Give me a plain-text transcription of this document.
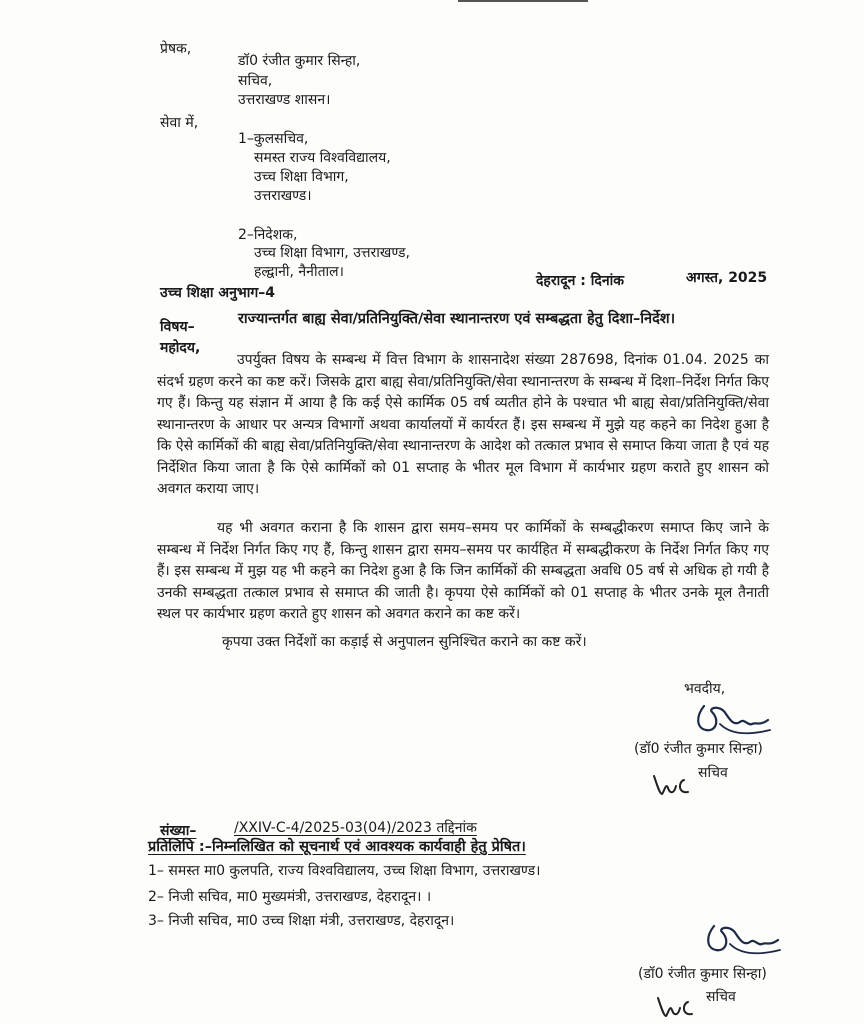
प्रेषक,
डॉ0 रंजीत कुमार सिन्हा,
सचिव,
उत्तराखण्ड शासन।
सेवा में,
1–कुलसचिव,
समस्त राज्य विश्वविद्यालय,
उच्च शिक्षा विभाग,
उत्तराखण्ड।
2–निदेशक,
उच्च शिक्षा विभाग, उत्तराखण्ड,
हल्द्वानी, नैनीताल।
देहरादून : दिनांक	अगस्त, 2025
उच्च शिक्षा अनुभाग–4
विषय–	राज्यान्तर्गत बाह्य सेवा/प्रतिनियुक्ति/सेवा स्थानान्तरण एवं सम्बद्धता हेतु दिशा–निर्देश।
महोदय,
उपर्युक्त विषय के सम्बन्ध में वित्त विभाग के शासनादेश संख्या 287698, दिनांक 01.04. 2025 का संदर्भ ग्रहण करने का कष्ट करें। जिसके द्वारा बाह्य सेवा/प्रतिनियुक्ति/सेवा स्थानान्तरण के सम्बन्ध में दिशा–निर्देश निर्गत किए गए हैं। किन्तु यह संज्ञान में आया है कि कई ऐसे कार्मिक 05 वर्ष व्यतीत होने के पश्चात भी बाह्य सेवा/प्रतिनियुक्ति/सेवा स्थानान्तरण के आधार पर अन्यत्र विभागों अथवा कार्यालयों में कार्यरत हैं। इस सम्बन्ध में मुझे यह कहने का निदेश हुआ है कि ऐसे कार्मिकों की बाह्य सेवा/प्रतिनियुक्ति/सेवा स्थानान्तरण के आदेश को तत्काल प्रभाव से समाप्त किया जाता है एवं यह निर्देशित किया जाता है कि ऐसे कार्मिकों को 01 सप्ताह के भीतर मूल विभाग में कार्यभार ग्रहण कराते हुए शासन को अवगत कराया जाए।
यह भी अवगत कराना है कि शासन द्वारा समय–समय पर कार्मिकों के सम्बद्धीकरण समाप्त किए जाने के सम्बन्ध में निर्देश निर्गत किए गए हैं, किन्तु शासन द्वारा समय–समय पर कार्यहित में सम्बद्धीकरण के निर्देश निर्गत किए गए हैं। इस सम्बन्ध में मुझ यह भी कहने का निदेश हुआ है कि जिन कार्मिकों की सम्बद्धता अवधि 05 वर्ष से अधिक हो गयी है उनकी सम्बद्धता तत्काल प्रभाव से समाप्त की जाती है। कृपया ऐसे कार्मिकों को 01 सप्ताह के भीतर उनके मूल तैनाती स्थल पर कार्यभार ग्रहण कराते हुए शासन को अवगत कराने का कष्ट करें।
कृपया उक्त निर्देशों का कड़ाई से अनुपालन सुनिश्चित कराने का कष्ट करें।
भवदीय,
(डॉ0 रंजीत कुमार सिन्हा)
सचिव
संख्या–	/XXIV-C-4/2025-03(04)/2023 तद्दिनांक
प्रतिलिपि :–निम्नलिखित को सूचनार्थ एवं आवश्यक कार्यवाही हेतु प्रेषित।
1– समस्त मा0 कुलपति, राज्य विश्वविद्यालय, उच्च शिक्षा विभाग, उत्तराखण्ड।
2– निजी सचिव, मा0 मुख्यमंत्री, उत्तराखण्ड, देहरादून। ।
3– निजी सचिव, मा0 उच्च शिक्षा मंत्री, उत्तराखण्ड, देहरादून।
(डॉ0 रंजीत कुमार सिन्हा)
सचिव
